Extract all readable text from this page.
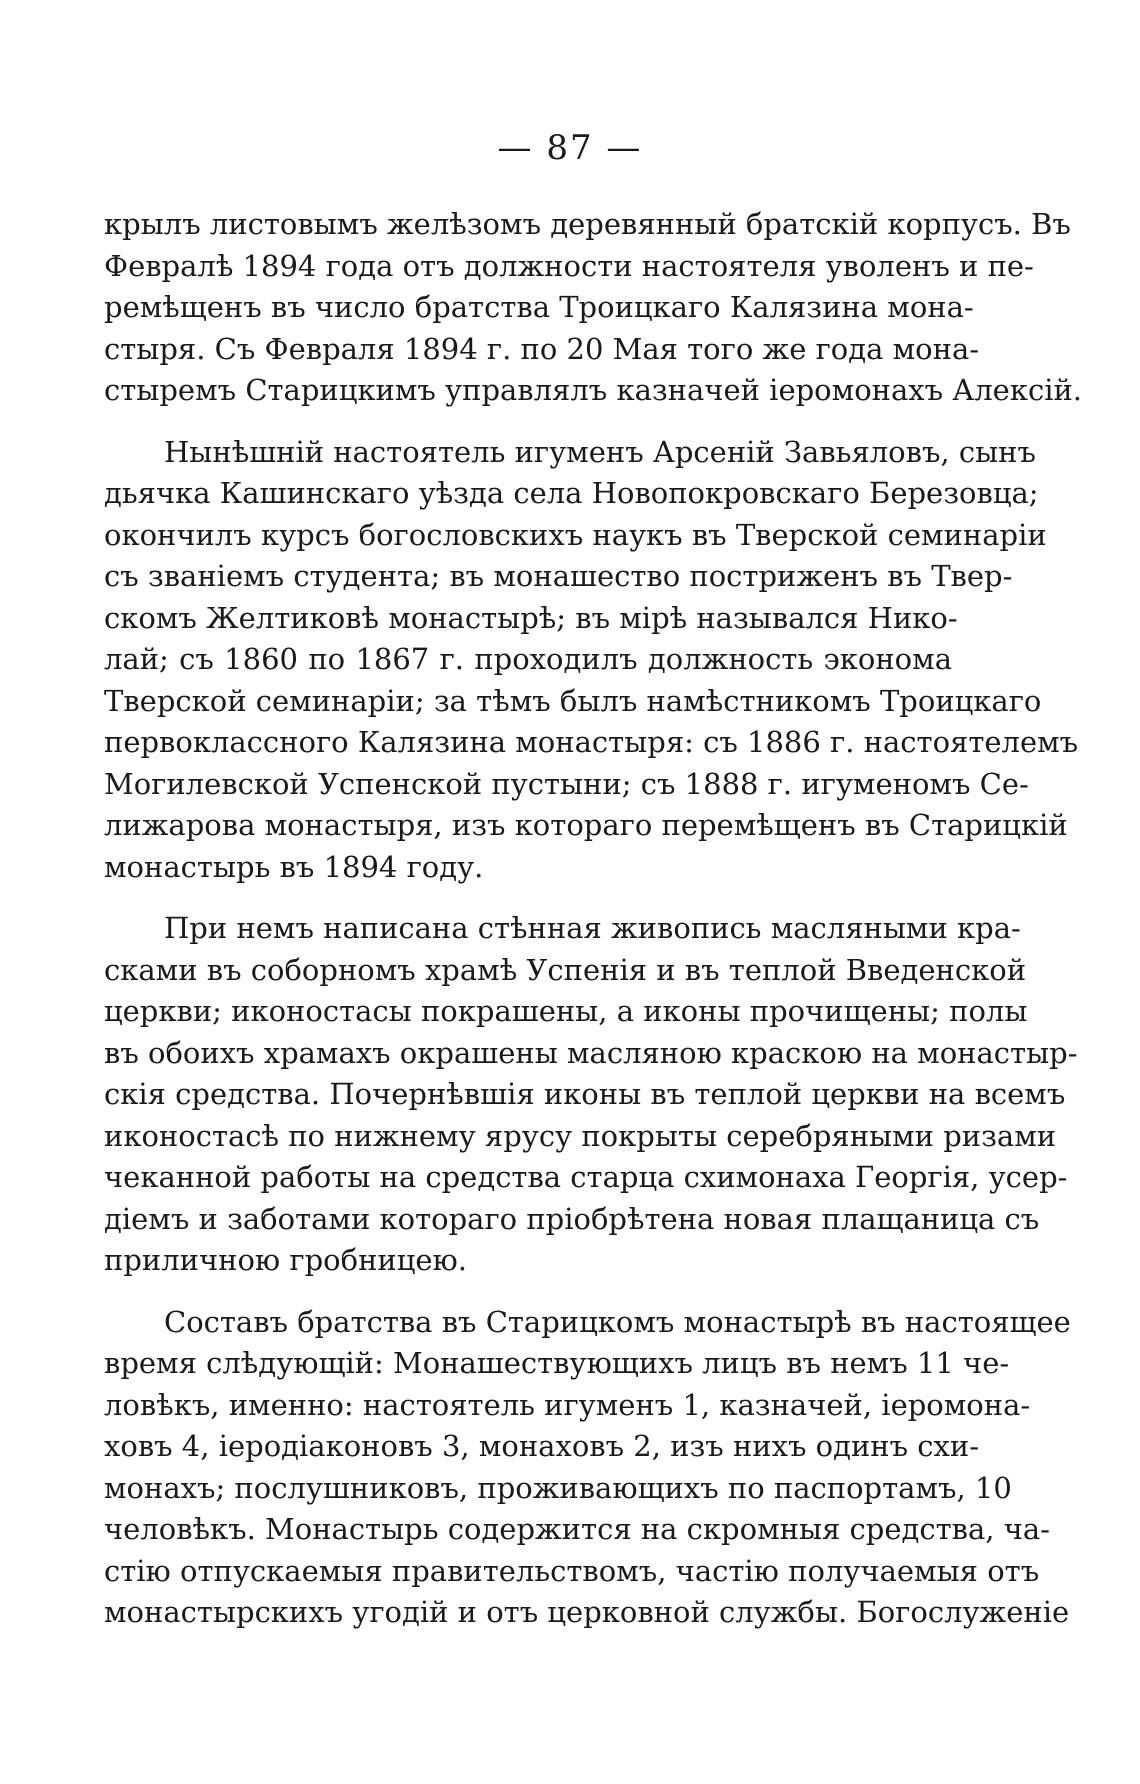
— 87 —
крылъ листовымъ желѣзомъ деревянный братскій корпусъ. Въ
Февралѣ 1894 года отъ должности настоятеля уволенъ и пе-
ремѣщенъ въ число братства Троицкаго Калязина мона-
стыря. Съ Февраля 1894 г. по 20 Мая того же года мона-
стыремъ Старицкимъ управлялъ казначей іеромонахъ Алексій.
Нынѣшній настоятель игуменъ Арсеній Завьяловъ, сынъ
дьячка Кашинскаго уѣзда села Новопокровскаго Березовца;
окончилъ курсъ богословскихъ наукъ въ Тверской семинаріи
съ званіемъ студента; въ монашество постриженъ въ Твер-
скомъ Желтиковѣ монастырѣ; въ мірѣ назывался Нико-
лай; съ 1860 по 1867 г. проходилъ должность эконома
Тверской семинаріи; за тѣмъ былъ намѣстникомъ Троицкаго
первоклассногo Калязина монастыря: съ 1886 г. настоятелемъ
Могилевской Успенской пустыни; съ 1888 г. игуменомъ Се-
лижарова монастыря, изъ котораго перемѣщенъ въ Старицкій
монастырь въ 1894 году.
При немъ написана стѣнная живопись масляными кра-
сками въ соборномъ храмѣ Успенія и въ теплой Введенской
церкви; иконостасы покрашены, а иконы прочищены; полы
въ обоихъ храмахъ окрашены масляною краскою на монастыр-
скія средства. Почернѣвшія иконы въ теплой церкви на всемъ
иконостасѣ по нижнему ярусу покрыты серебряными ризами
чеканной работы на средства старца схимонаха Георгія, усер-
діемъ и заботами котораго пріобрѣтена новая плащаница съ
приличною гробницею.
Составъ братства въ Старицкомъ монастырѣ въ настоящее
время слѣдующій: Монашествующихъ лицъ въ немъ 11 че-
ловѣкъ, именно: настоятель игуменъ 1, казначей, іеромона-
ховъ 4, іеродіаконовъ 3, монаховъ 2, изъ нихъ одинъ схи-
монахъ; послушниковъ, проживающихъ по паспортамъ, 10
человѣкъ. Монастырь содержится на скромныя средства, ча-
стію отпускаемыя правительствомъ, частію получаемыя отъ
монастырскихъ угодій и отъ церковной службы. Богослуженіе
